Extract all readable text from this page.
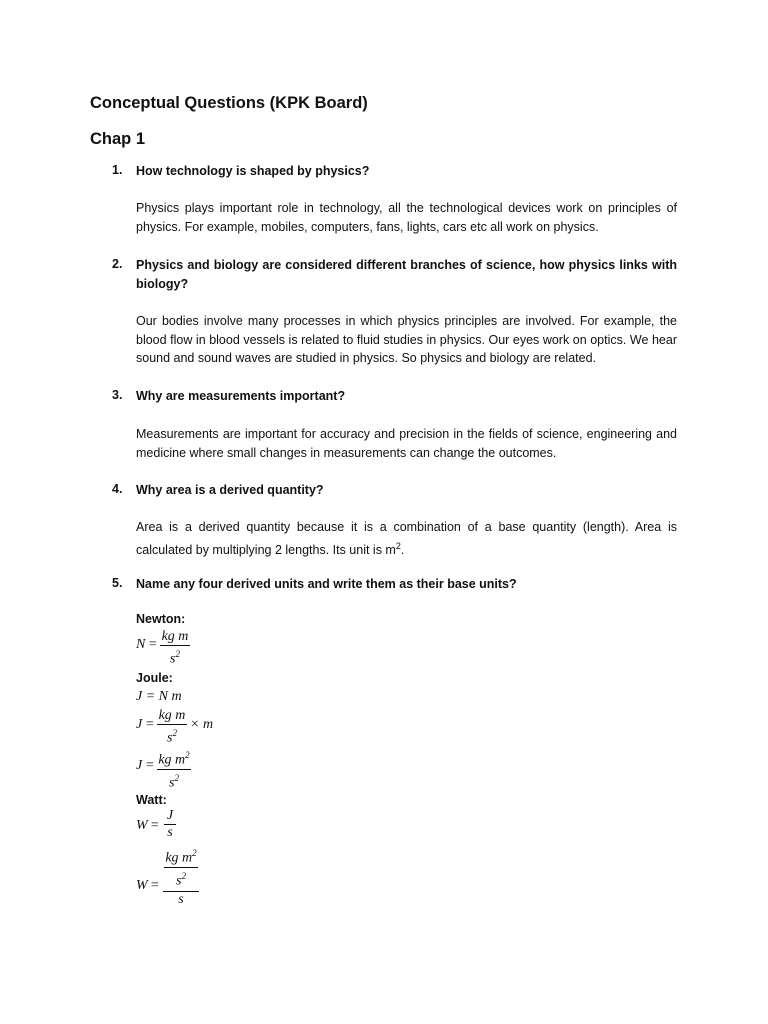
Conceptual Questions (KPK Board)
Chap 1
1. How technology is shaped by physics?
Physics plays important role in technology, all the technological devices work on principles of physics. For example, mobiles, computers, fans, lights, cars etc all work on physics.
2. Physics and biology are considered different branches of science, how physics links with biology?
Our bodies involve many processes in which physics principles are involved. For example, the blood flow in blood vessels is related to fluid studies in physics. Our eyes work on optics. We hear sound and sound waves are studied in physics. So physics and biology are related.
3. Why are measurements important?
Measurements are important for accuracy and precision in the fields of science, engineering and medicine where small changes in measurements can change the outcomes.
4. Why area is a derived quantity?
Area is a derived quantity because it is a combination of a base quantity (length). Area is calculated by multiplying 2 lengths. Its unit is $m^2$.
5. Name any four derived units and write them as their base units?
Newton:
$N = \frac{\text{kg m}}{s^2}$
Joule:
J = N m
$J = \frac{\text{kg m}}{s^2} \times m$
$J = \frac{kg m^2}{s^2}$
Watt:
$W = \frac{J}{s}$
$W = \frac{\frac{kg m^2}{s^2}}{s}$
